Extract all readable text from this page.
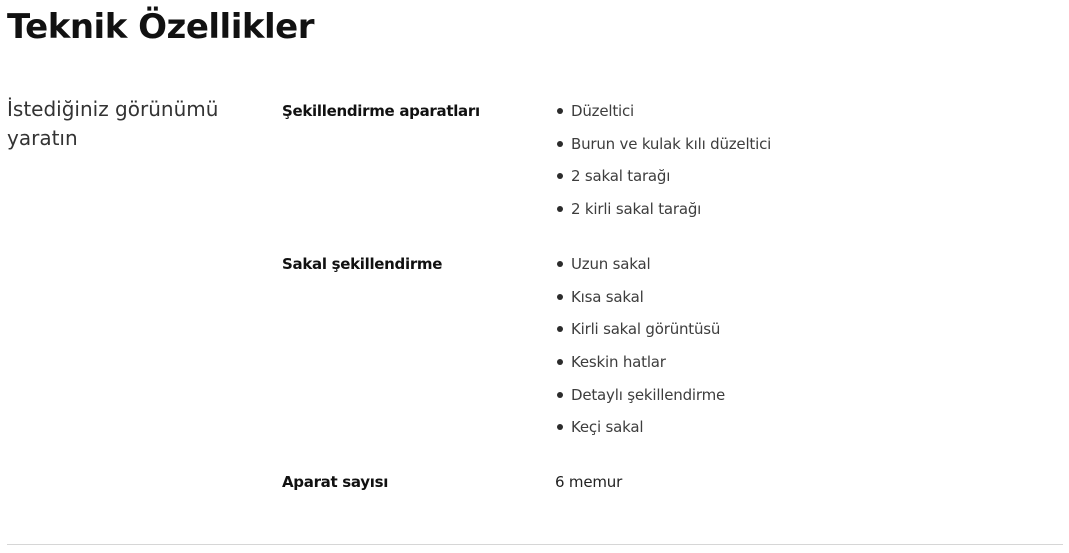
Teknik Özellikler
İstediğiniz görünümü yaratın
Şekillendirme aparatları	Düzeltici
Burun ve kulak kılı düzeltici
2 sakal tarağı
2 kirli sakal tarağı
Sakal şekillendirme	Uzun sakal
Kısa sakal
Kirli sakal görüntüsü
Keskin hatlar
Detaylı şekillendirme
Keçi sakal
Aparat sayısı	6 memur
